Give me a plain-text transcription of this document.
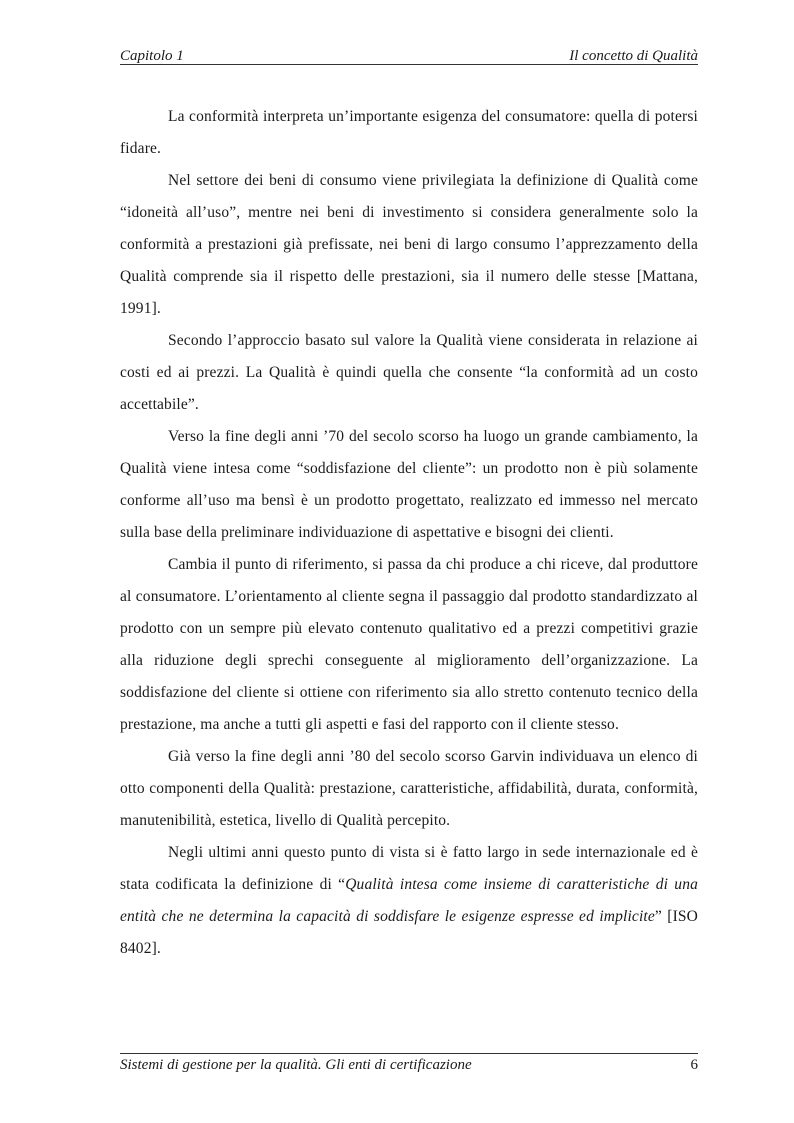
Capitolo 1	Il concetto di Qualità

La conformità interpreta un’importante esigenza del consumatore: quella di potersi fidare.

Nel settore dei beni di consumo viene privilegiata la definizione di Qualità come “idoneità all’uso”, mentre nei beni di investimento si considera generalmente solo la conformità a prestazioni già prefissate, nei beni di largo consumo l’apprezzamento della Qualità comprende sia il rispetto delle prestazioni, sia il numero delle stesse [Mattana, 1991].

Secondo l’approccio basato sul valore la Qualità viene considerata in relazione ai costi ed ai prezzi. La Qualità è quindi quella che consente “la conformità ad un costo accettabile”.

Verso la fine degli anni ’70 del secolo scorso ha luogo un grande cambiamento, la Qualità viene intesa come “soddisfazione del cliente”: un prodotto non è più solamente conforme all’uso ma bensì è un prodotto progettato, realizzato ed immesso nel mercato sulla base della preliminare individuazione di aspettative e bisogni dei clienti.

Cambia il punto di riferimento, si passa da chi produce a chi riceve, dal produttore al consumatore. L’orientamento al cliente segna il passaggio dal prodotto standardizzato al prodotto con un sempre più elevato contenuto qualitativo ed a prezzi competitivi grazie alla riduzione degli sprechi conseguente al miglioramento dell’organizzazione. La soddisfazione del cliente si ottiene con riferimento sia allo stretto contenuto tecnico della prestazione, ma anche a tutti gli aspetti e fasi del rapporto con il cliente stesso.

Già verso la fine degli anni ’80 del secolo scorso Garvin individuava un elenco di otto componenti della Qualità: prestazione, caratteristiche, affidabilità, durata, conformità, manutenibilità, estetica, livello di Qualità percepito.

Negli ultimi anni questo punto di vista si è fatto largo in sede internazionale ed è stata codificata la definizione di “Qualità intesa come insieme di caratteristiche di una entità che ne determina la capacità di soddisfare le esigenze espresse ed implicite” [ISO 8402].

Sistemi di gestione per la qualità. Gli enti di certificazione	6
